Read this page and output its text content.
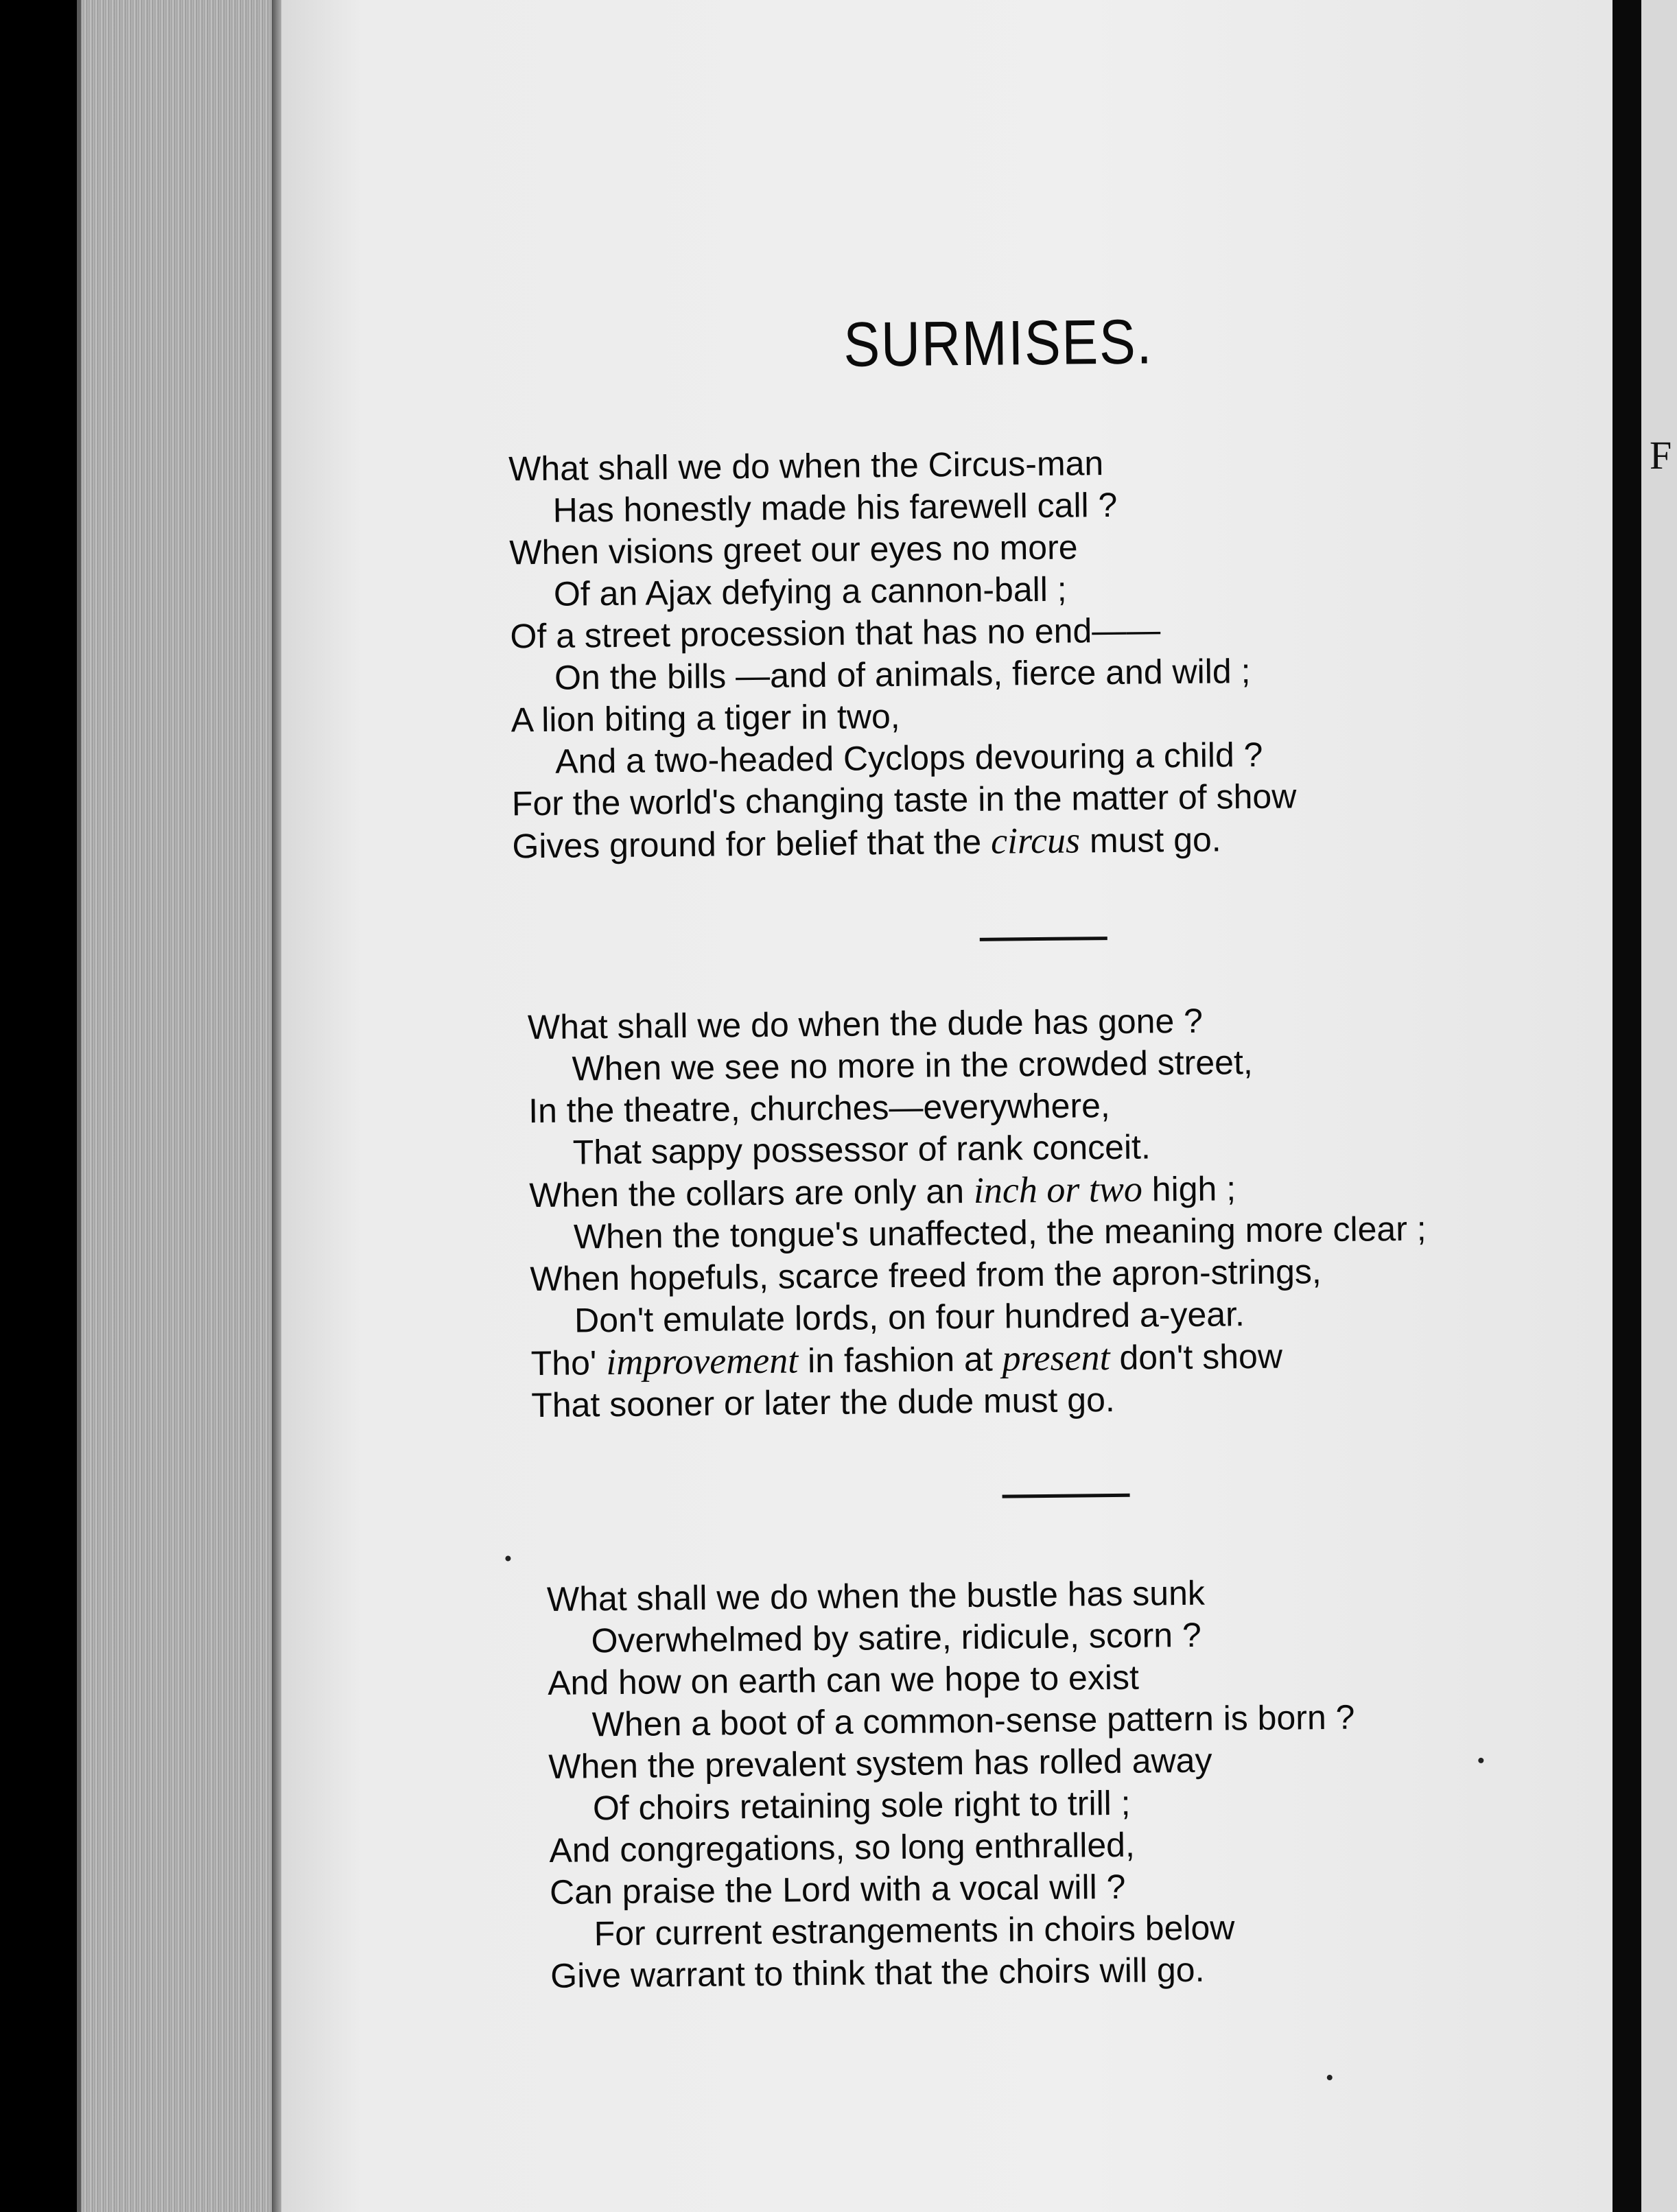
SURMISES.
What shall we do when the Circus-man
Has honestly made his farewell call ?
When visions greet our eyes no more
Of an Ajax defying a cannon-ball ;
Of a street procession that has no end——
On the bills —and of animals, fierce and wild ;
A lion biting a tiger in two,
And a two-headed Cyclops devouring a child ?
For the world's changing taste in the matter of show
Gives ground for belief that the circus must go.
What shall we do when the dude has gone ?
When we see no more in the crowded street,
In the theatre, churches—everywhere,
That sappy possessor of rank conceit.
When the collars are only an inch or two high ;
When the tongue's unaffected, the meaning more clear ;
When hopefuls, scarce freed from the apron-strings,
Don't emulate lords, on four hundred a-year.
Tho' improvement in fashion at present don't show
That sooner or later the dude must go.
What shall we do when the bustle has sunk
Overwhelmed by satire, ridicule, scorn ?
And how on earth can we hope to exist
When a boot of a common-sense pattern is born ?
When the prevalent system has rolled away
Of choirs retaining sole right to trill ;
And congregations, so long enthralled,
Can praise the Lord with a vocal will ?
For current estrangements in choirs below
Give warrant to think that the choirs will go.
F
